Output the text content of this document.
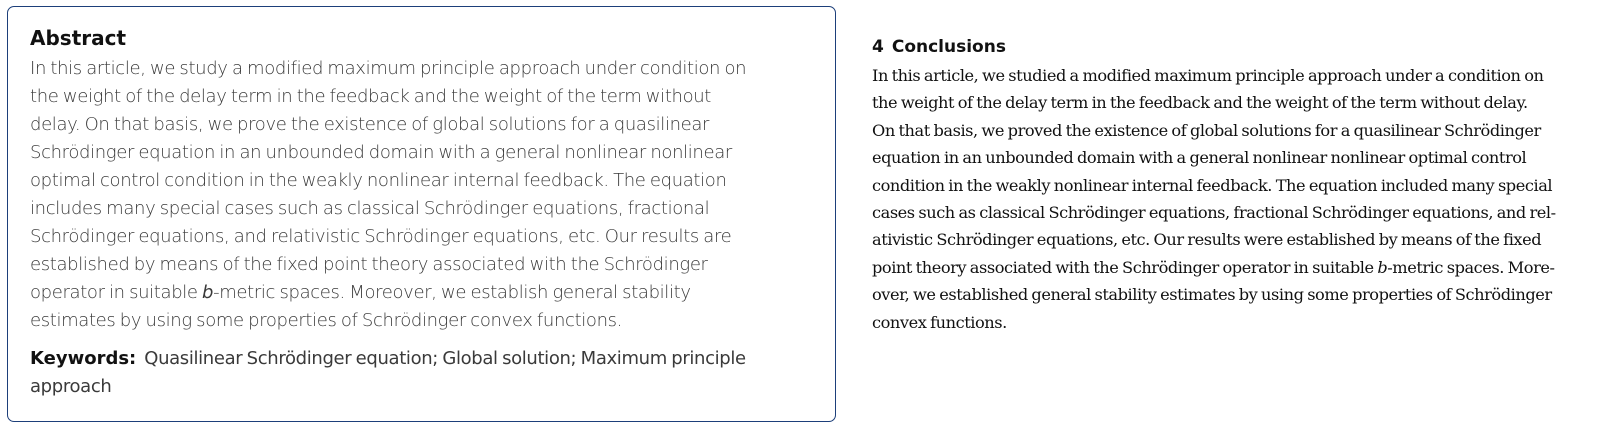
Abstract
In this article, we study a modified maximum principle approach under condition on
the weight of the delay term in the feedback and the weight of the term without
delay. On that basis, we prove the existence of global solutions for a quasilinear
Schrödinger equation in an unbounded domain with a general nonlinear nonlinear
optimal control condition in the weakly nonlinear internal feedback. The equation
includes many special cases such as classical Schrödinger equations, fractional
Schrödinger equations, and relativistic Schrödinger equations, etc. Our results are
established by means of the fixed point theory associated with the Schrödinger
operator in suitable b-metric spaces. Moreover, we establish general stability
estimates by using some properties of Schrödinger convex functions.
Keywords: Quasilinear Schrödinger equation; Global solution; Maximum principle
approach
4 Conclusions
In this article, we studied a modified maximum principle approach under a condition on
the weight of the delay term in the feedback and the weight of the term without delay.
On that basis, we proved the existence of global solutions for a quasilinear Schrödinger
equation in an unbounded domain with a general nonlinear nonlinear optimal control
condition in the weakly nonlinear internal feedback. The equation included many special
cases such as classical Schrödinger equations, fractional Schrödinger equations, and rel-
ativistic Schrödinger equations, etc. Our results were established by means of the fixed
point theory associated with the Schrödinger operator in suitable b-metric spaces. More-
over, we established general stability estimates by using some properties of Schrödinger
convex functions.
